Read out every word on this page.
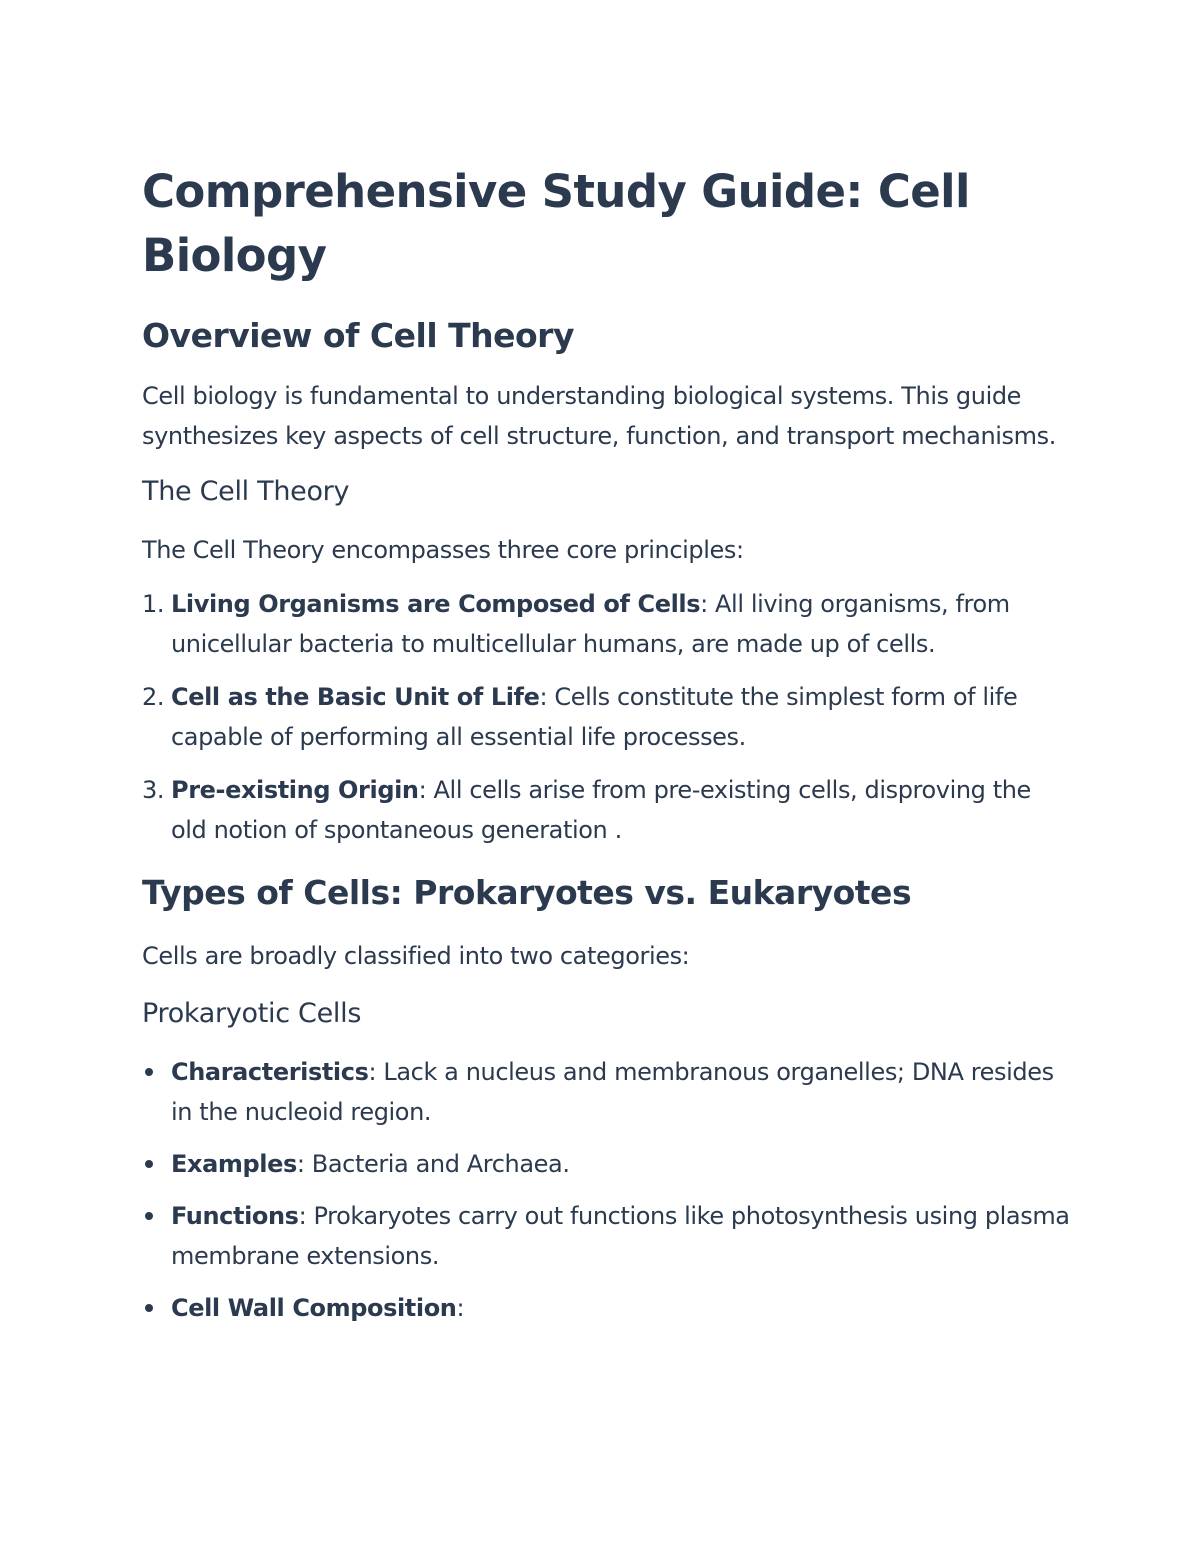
Comprehensive Study Guide: Cell Biology
Overview of Cell Theory

Cell biology is fundamental to understanding biological systems. This guide synthesizes key aspects of cell structure, function, and transport mechanisms.

The Cell Theory

The Cell Theory encompasses three core principles:

1. Living Organisms are Composed of Cells: All living organisms, from unicellular bacteria to multicellular humans, are made up of cells.
2. Cell as the Basic Unit of Life: Cells constitute the simplest form of life capable of performing all essential life processes.
3. Pre-existing Origin: All cells arise from pre-existing cells, disproving the old notion of spontaneous generation .
Types of Cells: Prokaryotes vs. Eukaryotes

Cells are broadly classified into two categories:

Prokaryotic Cells
Characteristics: Lack a nucleus and membranous organelles; DNA resides in the nucleoid region.
Examples: Bacteria and Archaea.
Functions: Prokaryotes carry out functions like photosynthesis using plasma membrane extensions.
Cell Wall Composition:
